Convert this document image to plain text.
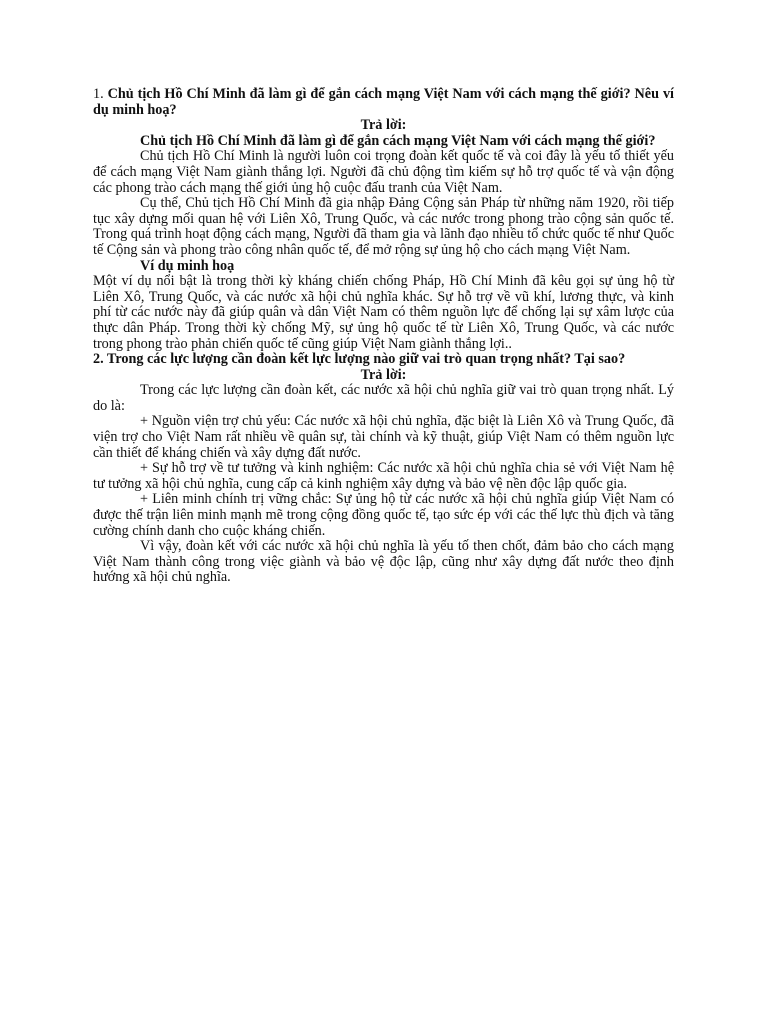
1. Chủ tịch Hồ Chí Minh đã làm gì để gắn cách mạng Việt Nam với cách mạng thế giới? Nêu ví dụ minh hoạ?

Trả lời:

Chủ tịch Hồ Chí Minh đã làm gì để gắn cách mạng Việt Nam với cách mạng thế giới?

Chủ tịch Hồ Chí Minh là người luôn coi trọng đoàn kết quốc tế và coi đây là yếu tố thiết yếu để cách mạng Việt Nam giành thắng lợi. Người đã chủ động tìm kiếm sự hỗ trợ quốc tế và vận động các phong trào cách mạng thế giới ủng hộ cuộc đấu tranh của Việt Nam.

Cụ thể, Chủ tịch Hồ Chí Minh đã gia nhập Đảng Cộng sản Pháp từ những năm 1920, rồi tiếp tục xây dựng mối quan hệ với Liên Xô, Trung Quốc, và các nước trong phong trào cộng sản quốc tế. Trong quá trình hoạt động cách mạng, Người đã tham gia và lãnh đạo nhiều tổ chức quốc tế như Quốc tế Cộng sản và phong trào công nhân quốc tế, để mở rộng sự ủng hộ cho cách mạng Việt Nam.

Ví dụ minh hoạ

Một ví dụ nổi bật là trong thời kỳ kháng chiến chống Pháp, Hồ Chí Minh đã kêu gọi sự ủng hộ từ Liên Xô, Trung Quốc, và các nước xã hội chủ nghĩa khác. Sự hỗ trợ về vũ khí, lương thực, và kinh phí từ các nước này đã giúp quân và dân Việt Nam có thêm nguồn lực để chống lại sự xâm lược của thực dân Pháp. Trong thời kỳ chống Mỹ, sự ủng hộ quốc tế từ Liên Xô, Trung Quốc, và các nước trong phong trào phản chiến quốc tế cũng giúp Việt Nam giành thắng lợi..

2. Trong các lực lượng cần đoàn kết lực lượng nào giữ vai trò quan trọng nhất? Tại sao?

Trả lời:

Trong các lực lượng cần đoàn kết, các nước xã hội chủ nghĩa giữ vai trò quan trọng nhất. Lý do là:

+ Nguồn viện trợ chủ yếu: Các nước xã hội chủ nghĩa, đặc biệt là Liên Xô và Trung Quốc, đã viện trợ cho Việt Nam rất nhiều về quân sự, tài chính và kỹ thuật, giúp Việt Nam có thêm nguồn lực cần thiết để kháng chiến và xây dựng đất nước.

+ Sự hỗ trợ về tư tưởng và kinh nghiệm: Các nước xã hội chủ nghĩa chia sẻ với Việt Nam hệ tư tưởng xã hội chủ nghĩa, cung cấp cả kinh nghiệm xây dựng và bảo vệ nền độc lập quốc gia.

+ Liên minh chính trị vững chắc: Sự ủng hộ từ các nước xã hội chủ nghĩa giúp Việt Nam có được thế trận liên minh mạnh mẽ trong cộng đồng quốc tế, tạo sức ép với các thế lực thù địch và tăng cường chính danh cho cuộc kháng chiến.

Vì vậy, đoàn kết với các nước xã hội chủ nghĩa là yếu tố then chốt, đảm bảo cho cách mạng Việt Nam thành công trong việc giành và bảo vệ độc lập, cũng như xây dựng đất nước theo định hướng xã hội chủ nghĩa.
